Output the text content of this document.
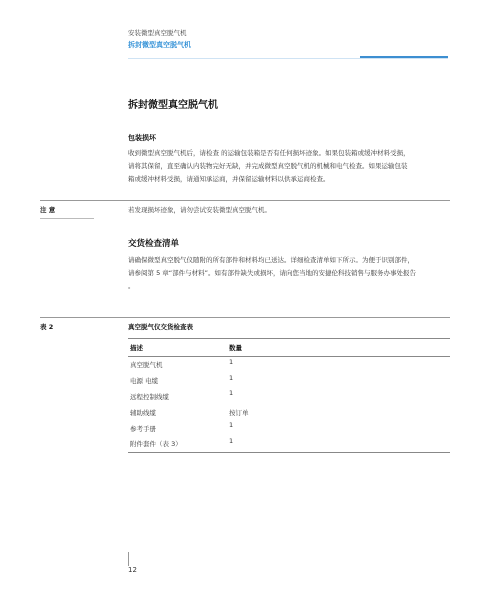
安装微型真空脱气机
拆封微型真空脱气机
拆封微型真空脱气机
包装损坏
收到微型真空脱气机后，请检查 的运输包装箱是否有任何损坏迹象。如果包装箱或缓冲材料受损，
请将其保留，直至确认内装物完好无缺，并完成微型真空脱气机的机械和电气检查。如果运输包装
箱或缓冲材料受损，请通知承运商，并保留运输材料以供承运商检查。
注 意	若发现损坏迹象，请勿尝试安装微型真空脱气机。
交货检查清单
请确保微型真空脱气仪随附的所有部件和材料均已送达。详细检查清单如下所示。为便于识别部件，
请参阅第 5 章“部件与材料”。如有部件缺失或损坏，请向您当地的安捷伦科技销售与服务办事处报告
。
表 2	真空脱气仪交货检查表
描述	数量
真空脱气机	1
电源 电缆	1
远程控制线缆	1
辅助线缆	按订单
参考手册	1
附件套件（表 3）	1
12
